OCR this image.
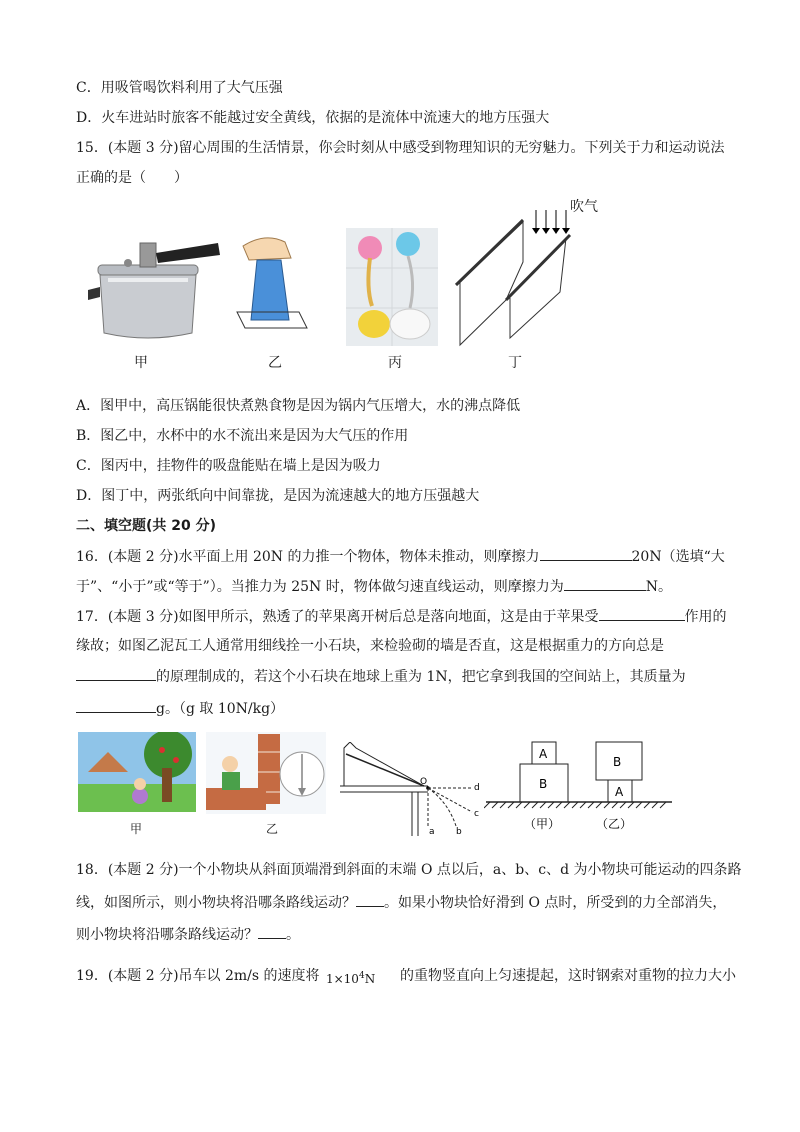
C．用吸管喝饮料利用了大气压强
D．火车进站时旅客不能越过安全黄线，依据的是流体中流速大的地方压强大
15．(本题 3 分)留心周围的生活情景，你会时刻从中感受到物理知识的无穷魅力。下列关于力和运动说法
正确的是（　　）
甲	乙	丙
吹气
丁
A．图甲中，高压锅能很快煮熟食物是因为锅内气压增大，水的沸点降低
B．图乙中，水杯中的水不流出来是因为大气压的作用
C．图丙中，挂物件的吸盘能贴在墙上是因为吸力
D．图丁中，两张纸向中间靠拢，是因为流速越大的地方压强越大
二、填空题(共 20 分)
16．(本题 2 分)水平面上用 20N 的力推一个物体，物体未推动，则摩擦力	20N（选填“大
于”、“小于”或“等于”）。当推力为 25N 时，物体做匀速直线运动，则摩擦力为	N。
17．(本题 3 分)如图甲所示，熟透了的苹果离开树后总是落向地面，这是由于苹果受	作用的
缘故；如图乙泥瓦工人通常用细线拴一小石块，来检验砌的墙是否直，这是根据重力的方向总是
的原理制成的，若这个小石块在地球上重为 1N，把它拿到我国的空间站上，其质量为
g。（g 取 10N/kg）
甲	乙
O
a b
c
d
A
B
B
A
（甲）	（乙）
18．(本题 2 分)一个小物块从斜面顶端滑到斜面的末端 O 点以后，a、b、c、d 为小物块可能运动的四条路
线，如图所示，则小物块将沿哪条路线运动？ 。如果小物块恰好滑到 O 点时，所受到的力全部消失，
则小物块将沿哪条路线运动？ 。
19．(本题 2 分)吊车以 2m/s 的速度将 $1\times 10^4N$ 的重物竖直向上匀速提起，这时钢索对重物的拉力大小
